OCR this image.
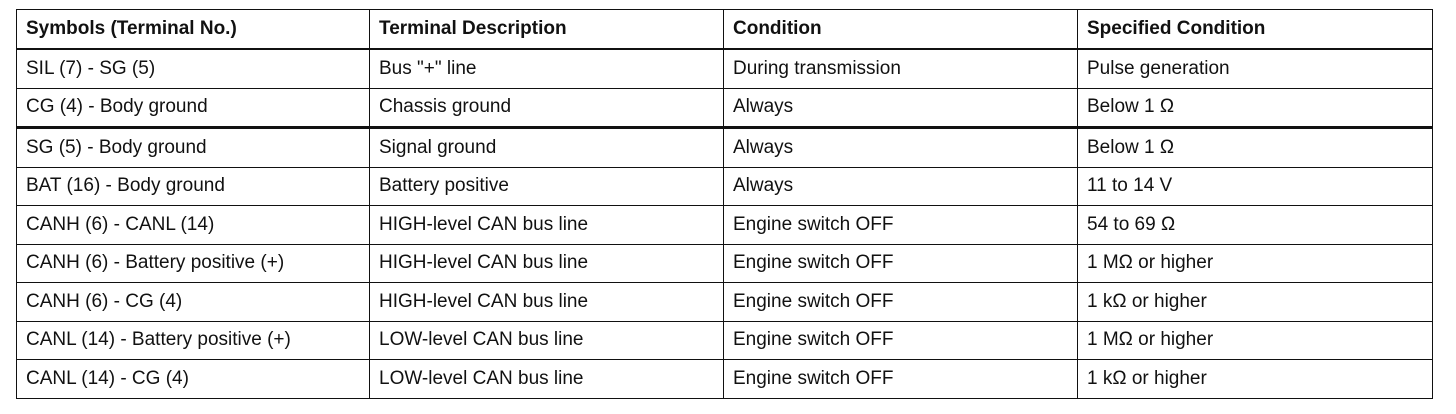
Symbols (Terminal No.)	Terminal Description	Condition	Specified Condition
SIL (7) - SG (5)	Bus "+" line	During transmission	Pulse generation
CG (4) - Body ground	Chassis ground	Always	Below 1 Ω
SG (5) - Body ground	Signal ground	Always	Below 1 Ω
BAT (16) - Body ground	Battery positive	Always	11 to 14 V
CANH (6) - CANL (14)	HIGH-level CAN bus line	Engine switch OFF	54 to 69 Ω
CANH (6) - Battery positive (+)	HIGH-level CAN bus line	Engine switch OFF	1 MΩ or higher
CANH (6) - CG (4)	HIGH-level CAN bus line	Engine switch OFF	1 kΩ or higher
CANL (14) - Battery positive (+)	LOW-level CAN bus line	Engine switch OFF	1 MΩ or higher
CANL (14) - CG (4)	LOW-level CAN bus line	Engine switch OFF	1 kΩ or higher
